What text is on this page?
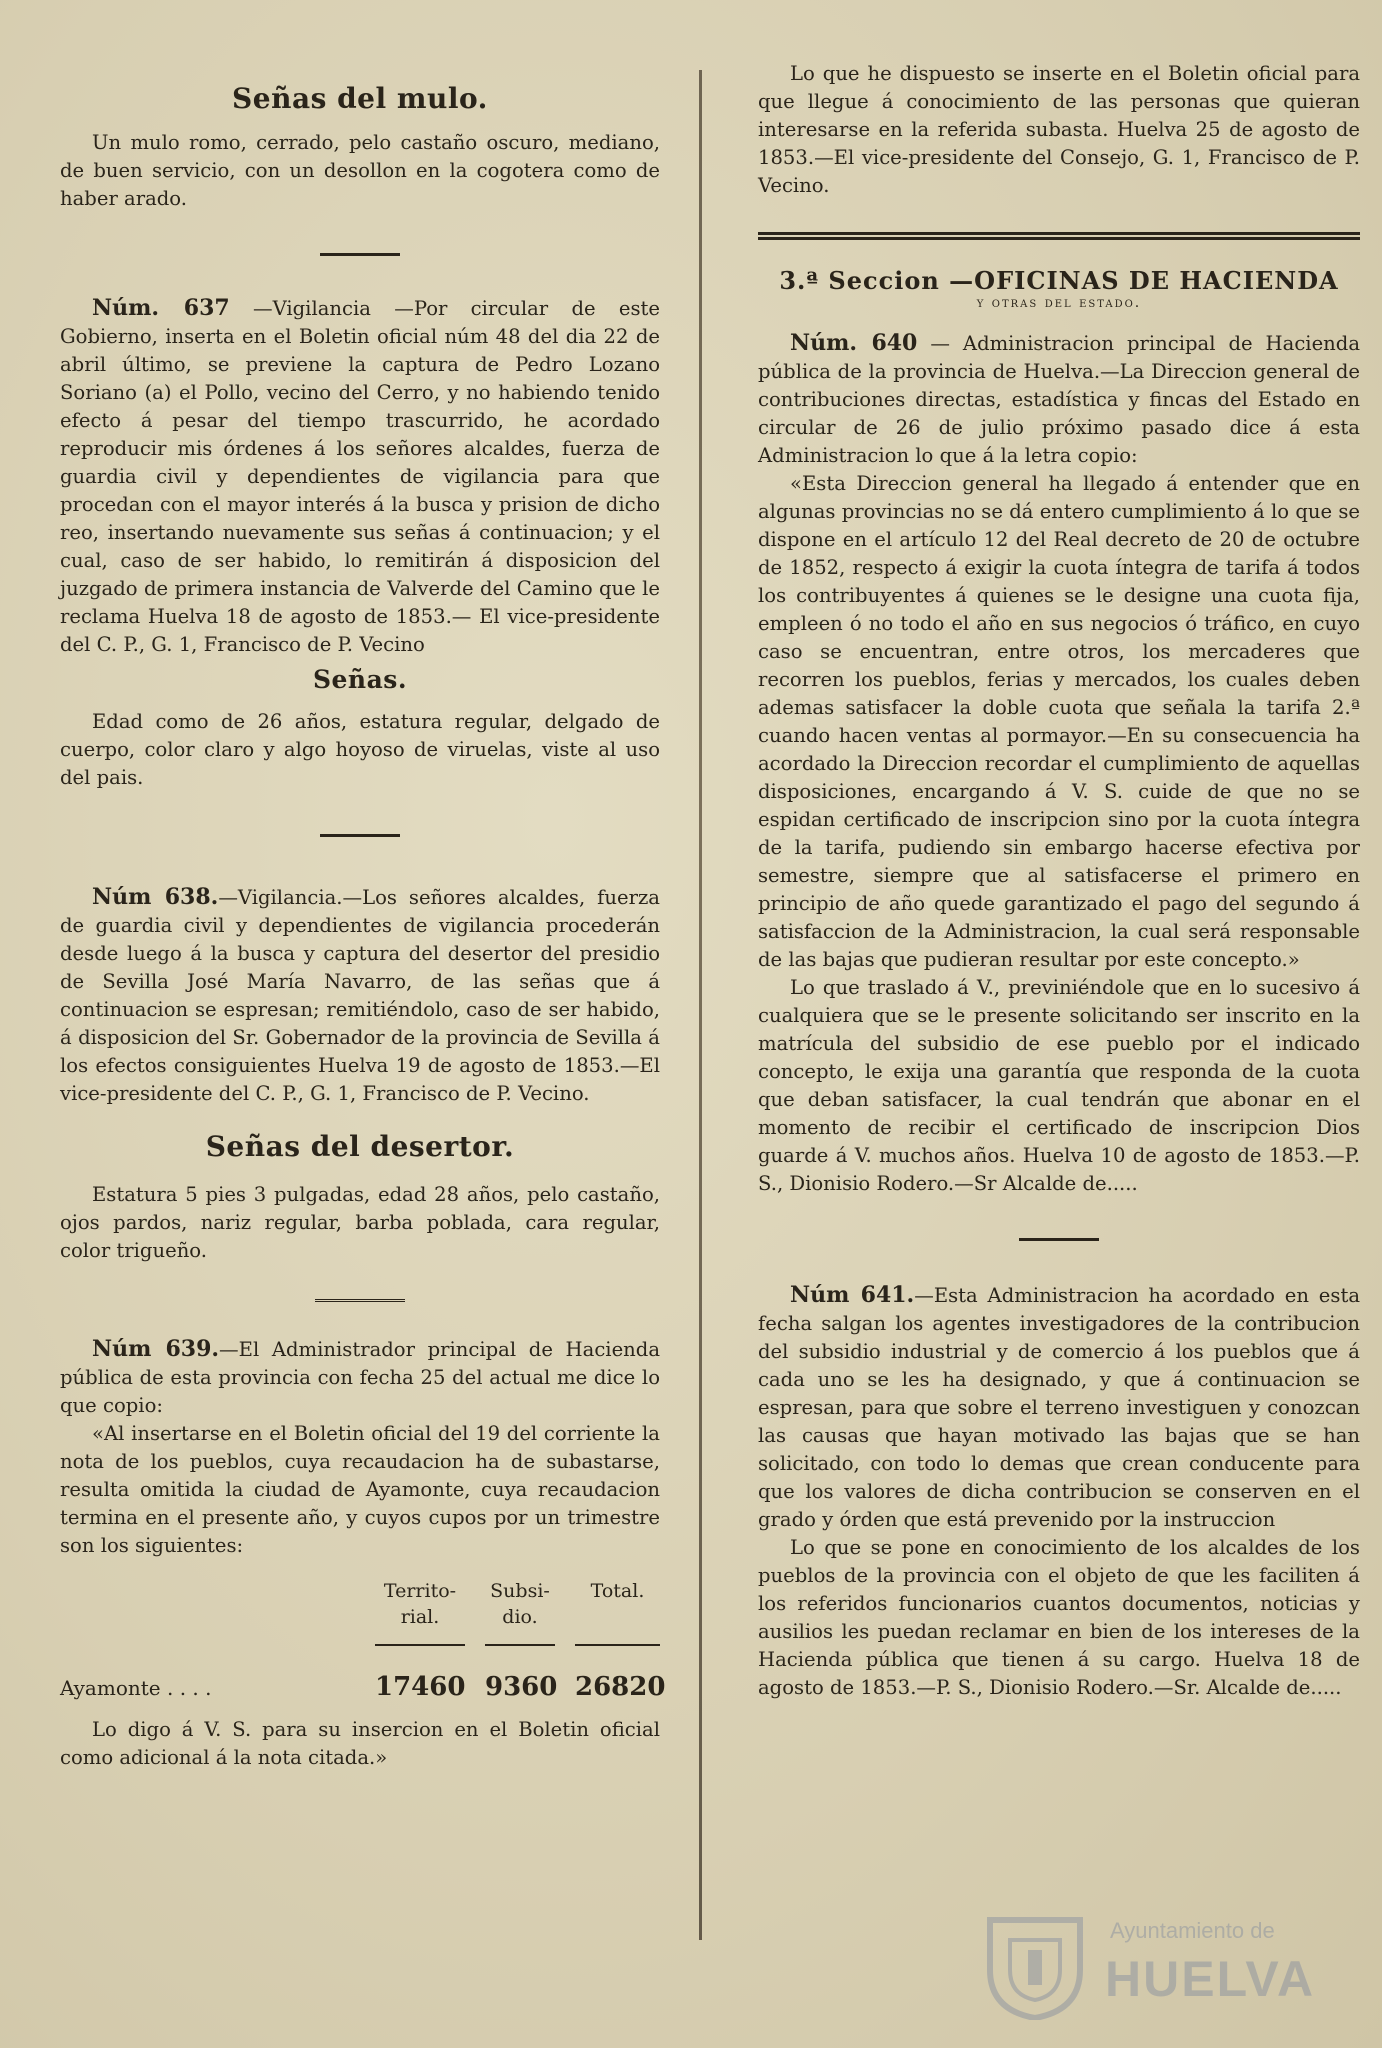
Señas del mulo.

Un mulo romo, cerrado, pelo castaño oscuro, mediano, de buen servicio, con un desollon en la cogotera como de haber arado.

Núm. 637 —Vigilancia —Por circular de este Gobierno, inserta en el Boletin oficial núm 48 del dia 22 de abril último, se previene la captura de Pedro Lozano Soriano (a) el Pollo, vecino del Cerro, y no habiendo tenido efecto á pesar del tiempo trascurrido, he acordado reproducir mis órdenes á los señores alcaldes, fuerza de guardia civil y dependientes de vigilancia para que procedan con el mayor interés á la busca y prision de dicho reo, insertando nuevamente sus señas á continuacion; y el cual, caso de ser habido, lo remitirán á disposicion del juzgado de primera instancia de Valverde del Camino que le reclama Huelva 18 de agosto de 1853.— El vice-presidente del C. P., G. 1, Francisco de P. Vecino

Señas.

Edad como de 26 años, estatura regular, delgado de cuerpo, color claro y algo hoyoso de viruelas, viste al uso del pais.

Núm 638.—Vigilancia.—Los señores alcaldes, fuerza de guardia civil y dependientes de vigilancia procederán desde luego á la busca y captura del desertor del presidio de Sevilla José María Navarro, de las señas que á continuacion se espresan; remitiéndolo, caso de ser habido, á disposicion del Sr. Gobernador de la provincia de Sevilla á los efectos consiguientes Huelva 19 de agosto de 1853.—El vice-presidente del C. P., G. 1, Francisco de P. Vecino.

Señas del desertor.

Estatura 5 pies 3 pulgadas, edad 28 años, pelo castaño, ojos pardos, nariz regular, barba poblada, cara regular, color trigueño.

Núm 639.—El Administrador principal de Hacienda pública de esta provincia con fecha 25 del actual me dice lo que copio:

«Al insertarse en el Boletin oficial del 19 del corriente la nota de los pueblos, cuya recaudacion ha de subastarse, resulta omitida la ciudad de Ayamonte, cuya recaudacion termina en el presente año, y cuyos cupos por un trimestre son los siguientes:

Territo-rial.
Subsi-dio.
Total.
Ayamonte . . . .	17460 9360 26820

Lo digo á V. S. para su insercion en el Boletin oficial como adicional á la nota citada.»

Lo que he dispuesto se inserte en el Boletin oficial para que llegue á conocimiento de las personas que quieran interesarse en la referida subasta. Huelva 25 de agosto de 1853.—El vice-presidente del Consejo, G. 1, Francisco de P. Vecino.

3.ª Seccion —OFICINAS DE HACIENDA
y otras del estado.

Núm. 640 — Administracion principal de Hacienda pública de la provincia de Huelva.—La Direccion general de contribuciones directas, estadística y fincas del Estado en circular de 26 de julio próximo pasado dice á esta Administracion lo que á la letra copio:

«Esta Direccion general ha llegado á entender que en algunas provincias no se dá entero cumplimiento á lo que se dispone en el artículo 12 del Real decreto de 20 de octubre de 1852, respecto á exigir la cuota íntegra de tarifa á todos los contribuyentes á quienes se le designe una cuota fija, empleen ó no todo el año en sus negocios ó tráfico, en cuyo caso se encuentran, entre otros, los mercaderes que recorren los pueblos, ferias y mercados, los cuales deben ademas satisfacer la doble cuota que señala la tarifa 2.ª cuando hacen ventas al pormayor.—En su consecuencia ha acordado la Direccion recordar el cumplimiento de aquellas disposiciones, encargando á V. S. cuide de que no se espidan certificado de inscripcion sino por la cuota íntegra de la tarifa, pudiendo sin embargo hacerse efectiva por semestre, siempre que al satisfacerse el primero en principio de año quede garantizado el pago del segundo á satisfaccion de la Administracion, la cual será responsable de las bajas que pudieran resultar por este concepto.»

Lo que traslado á V., previniéndole que en lo sucesivo á cualquiera que se le presente solicitando ser inscrito en la matrícula del subsidio de ese pueblo por el indicado concepto, le exija una garantía que responda de la cuota que deban satisfacer, la cual tendrán que abonar en el momento de recibir el certificado de inscripcion Dios guarde á V. muchos años. Huelva 10 de agosto de 1853.—P. S., Dionisio Rodero.—Sr Alcalde de.....

Núm 641.—Esta Administracion ha acordado en esta fecha salgan los agentes investigadores de la contribucion del subsidio industrial y de comercio á los pueblos que á cada uno se les ha designado, y que á continuacion se espresan, para que sobre el terreno investiguen y conozcan las causas que hayan motivado las bajas que se han solicitado, con todo lo demas que crean conducente para que los valores de dicha contribucion se conserven en el grado y órden que está prevenido por la instruccion

Lo que se pone en conocimiento de los alcaldes de los pueblos de la provincia con el objeto de que les faciliten á los referidos funcionarios cuantos documentos, noticias y ausilios les puedan reclamar en bien de los intereses de la Hacienda pública que tienen á su cargo. Huelva 18 de agosto de 1853.—P. S., Dionisio Rodero.—Sr. Alcalde de.....

Ayuntamiento de
HUELVA
